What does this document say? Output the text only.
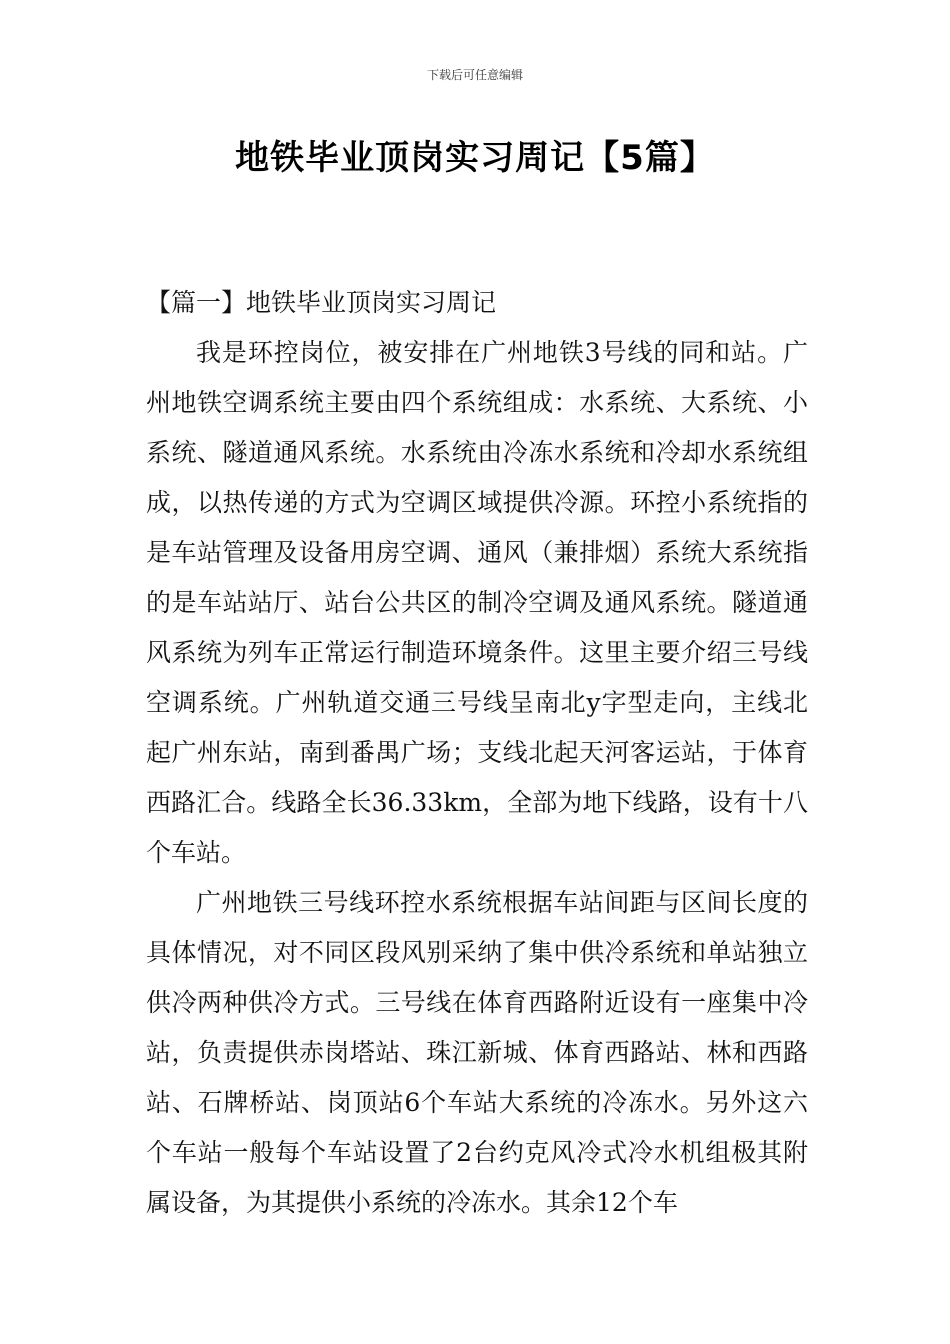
下载后可任意编辑
地铁毕业顶岗实习周记【5篇】
【篇一】地铁毕业顶岗实习周记

我是环控岗位，被安排在广州地铁3号线的同和站。广州地铁空调系统主要由四个系统组成：水系统、大系统、小系统、隧道通风系统。水系统由冷冻水系统和冷却水系统组成，以热传递的方式为空调区域提供冷源。环控小系统指的是车站管理及设备用房空调、通风（兼排烟）系统大系统指的是车站站厅、站台公共区的制冷空调及通风系统。隧道通风系统为列车正常运行制造环境条件。这里主要介绍三号线空调系统。广州轨道交通三号线呈南北y字型走向，主线北起广州东站，南到番禺广场；支线北起天河客运站，于体育西路汇合。线路全长36.33km，全部为地下线路，设有十八个车站。

广州地铁三号线环控水系统根据车站间距与区间长度的具体情况，对不同区段风别采纳了集中供冷系统和单站独立供冷两种供冷方式。三号线在体育西路附近设有一座集中冷站，负责提供赤岗塔站、珠江新城、体育西路站、林和西路站、石牌桥站、岗顶站6个车站大系统的冷冻水。另外这六个车站一般每个车站设置了2台约克风冷式冷水机组极其附属设备，为其提供小系统的冷冻水。其余12个车
